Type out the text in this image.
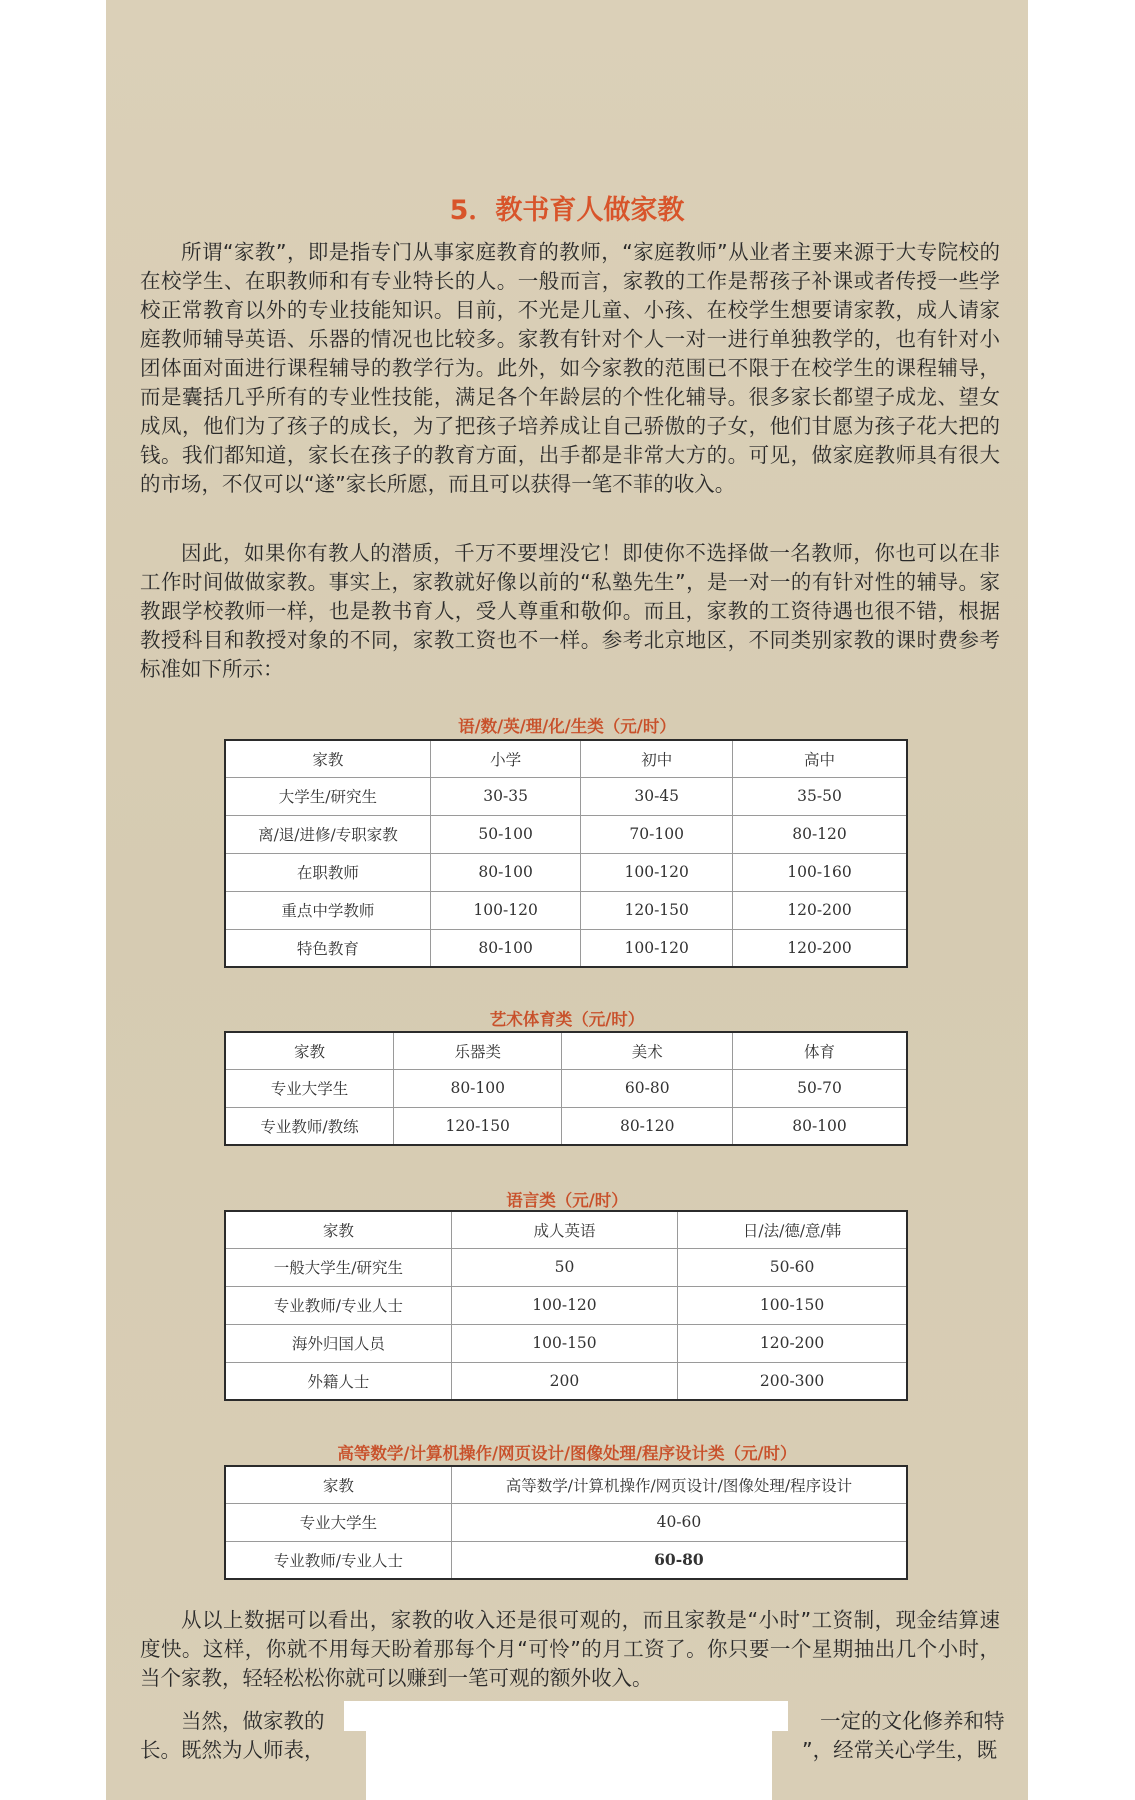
5．教书育人做家教

所谓“家教”，即是指专门从事家庭教育的教师，“家庭教师”从业者主要来源于大专院校的在校学生、在职教师和有专业特长的人。一般而言，家教的工作是帮孩子补课或者传授一些学校正常教育以外的专业技能知识。目前，不光是儿童、小孩、在校学生想要请家教，成人请家庭教师辅导英语、乐器的情况也比较多。家教有针对个人一对一进行单独教学的，也有针对小团体面对面进行课程辅导的教学行为。此外，如今家教的范围已不限于在校学生的课程辅导，而是囊括几乎所有的专业性技能，满足各个年龄层的个性化辅导。很多家长都望子成龙、望女成凤，他们为了孩子的成长，为了把孩子培养成让自己骄傲的子女，他们甘愿为孩子花大把的钱。我们都知道，家长在孩子的教育方面，出手都是非常大方的。可见，做家庭教师具有很大的市场，不仅可以“遂”家长所愿，而且可以获得一笔不菲的收入。

因此，如果你有教人的潜质，千万不要埋没它！即使你不选择做一名教师，你也可以在非工作时间做做家教。事实上，家教就好像以前的“私塾先生”，是一对一的有针对性的辅导。家教跟学校教师一样，也是教书育人，受人尊重和敬仰。而且，家教的工资待遇也很不错，根据教授科目和教授对象的不同，家教工资也不一样。参考北京地区，不同类别家教的课时费参考标准如下所示：

语/数/英/理/化/生类（元/时）
家教	小学	初中	高中
大学生/研究生	30-35	30-45	35-50
离/退/进修/专职家教	50-100	70-100	80-120
在职教师	80-100	100-120	100-160
重点中学教师	100-120	120-150	120-200
特色教育	80-100	100-120	120-200
艺术体育类（元/时）
家教	乐器类	美术	体育
专业大学生	80-100	60-80	50-70
专业教师/教练	120-150	80-120	80-100
语言类（元/时）
家教	成人英语	日/法/德/意/韩
一般大学生/研究生	50	50-60
专业教师/专业人士	100-120	100-150
海外归国人员	100-150	120-200
外籍人士	200	200-300
高等数学/计算机操作/网页设计/图像处理/程序设计类（元/时）
家教	高等数学/计算机操作/网页设计/图像处理/程序设计
专业大学生	40-60
专业教师/专业人士	60-80

从以上数据可以看出，家教的收入还是很可观的，而且家教是“小时”工资制，现金结算速度快。这样，你就不用每天盼着那每个月“可怜”的月工资了。你只要一个星期抽出几个小时，当个家教，轻轻松松你就可以赚到一笔可观的额外收入。

当然，做家教的	一定的文化修养和特
长。既然为人师表，	”，经常关心学生，既
